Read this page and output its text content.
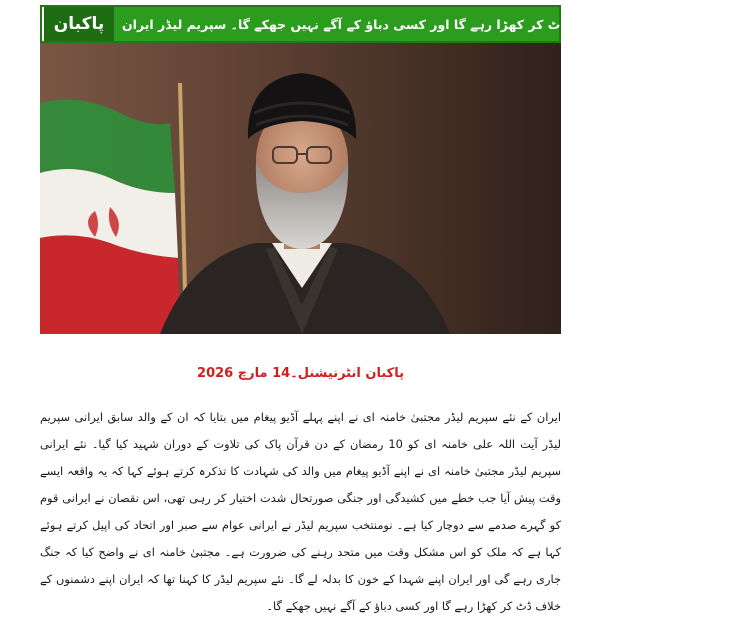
پاکبان	ایران اپنے دشمنوں کے خلاف ڈٹ کر کھڑا رہے گا اور کسی دباؤ کے آگے نہیں جھکے گا۔ سپریم لیڈر ایران
پاکبان انٹرنیشنل۔14 مارچ 2026
ایران کے نئے سپریم لیڈر مجتبیٰ خامنہ ای نے اپنے پہلے آڈیو پیغام میں بتایا کہ ان کے والد سابق ایرانی سپریم لیڈر آیت اللہ علی خامنہ ای کو 10 رمضان کے دن قرآن پاک کی تلاوت کے دوران شہید کیا گیا۔ نئے ایرانی سپریم لیڈر مجتبیٰ خامنہ ای نے اپنے آڈیو پیغام میں والد کی شہادت کا تذکرہ کرتے ہوئے کہا کہ یہ واقعہ ایسے وقت پیش آیا جب خطے میں کشیدگی اور جنگی صورتحال شدت اختیار کر رہی تھی، اس نقصان نے ایرانی قوم کو گہرے صدمے سے دوچار کیا ہے۔ نومنتخب سپریم لیڈر نے ایرانی عوام سے صبر اور اتحاد کی اپیل کرتے ہوئے کہا ہے کہ ملک کو اس مشکل وقت میں متحد رہنے کی ضرورت ہے۔ مجتبیٰ خامنہ ای نے واضح کیا کہ جنگ جاری رہے گی اور ایران اپنے شہدا کے خون کا بدلہ لے گا۔ نئے سپریم لیڈر کا کہنا تھا کہ ایران اپنے دشمنوں کے خلاف ڈٹ کر کھڑا رہے گا اور کسی دباؤ کے آگے نہیں جھکے گا۔
